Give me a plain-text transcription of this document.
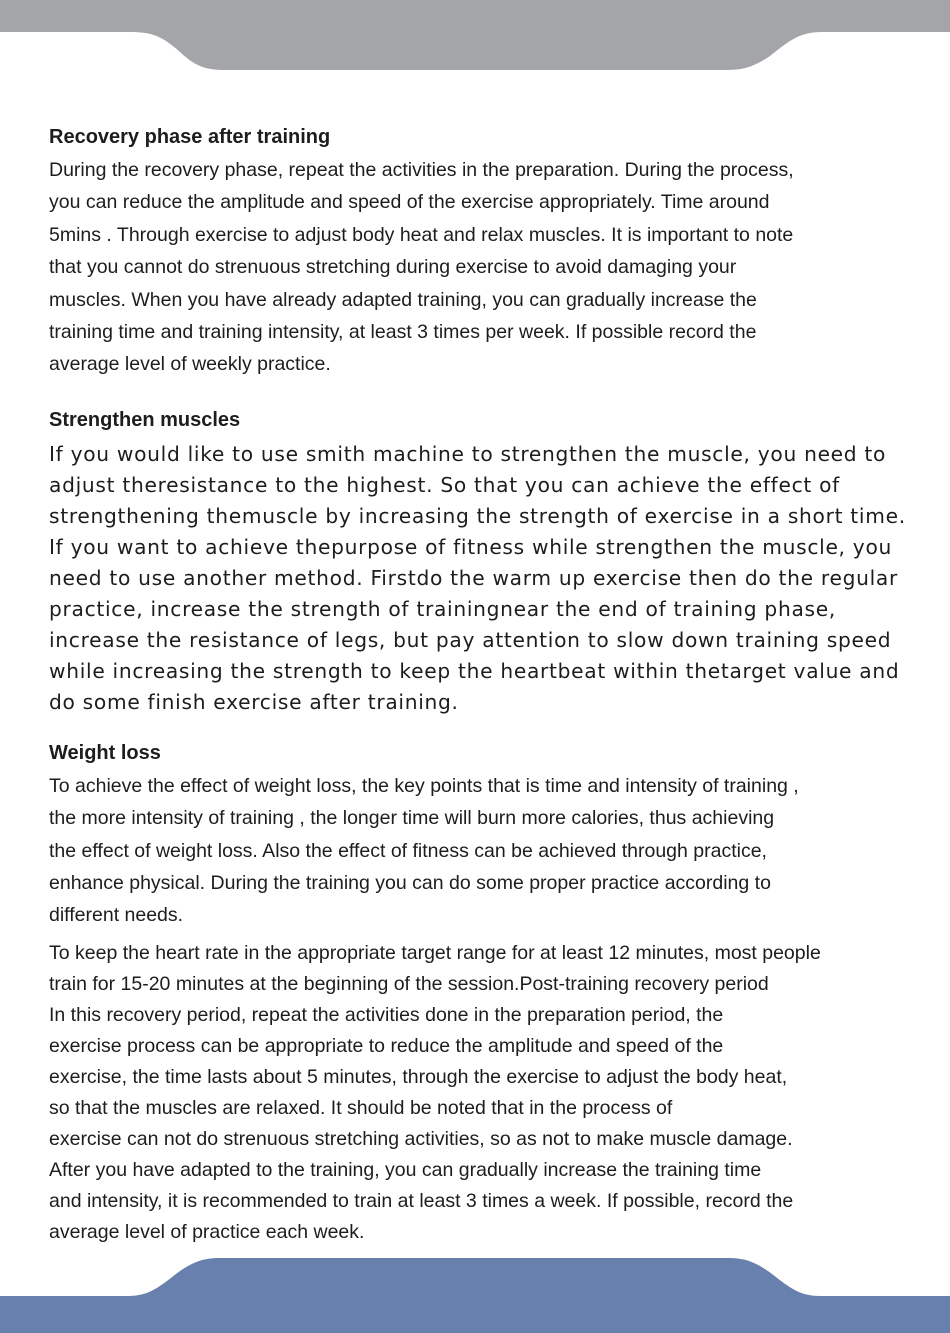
Recovery phase after training
During the recovery phase, repeat the activities in the preparation. During the process,
you can reduce the amplitude and speed of the exercise appropriately. Time around
5mins . Through exercise to adjust body heat and relax muscles. It is important to note
that you cannot do strenuous stretching during exercise to avoid damaging your
muscles. When you have already adapted training, you can gradually increase the
training time and training intensity, at least 3 times per week. If possible record the
average level of weekly practice.
Strengthen muscles
If you would like to use smith machine to strengthen the muscle, you need to
adjust theresistance to the highest. So that you can achieve the effect of
strengthening themuscle by increasing the strength of exercise in a short time.
If you want to achieve thepurpose of fitness while strengthen the muscle, you
need to use another method. Firstdo the warm up exercise then do the regular
practice, increase the strength of trainingnear the end of training phase,
increase the resistance of legs, but pay attention to slow down training speed
while increasing the strength to keep the heartbeat within thetarget value and
do some finish exercise after training.
Weight loss
To achieve the effect of weight loss, the key points that is time and intensity of training ,
the more intensity of training , the longer time will burn more calories, thus achieving
the effect of weight loss. Also the effect of fitness can be achieved through practice,
enhance physical. During the training you can do some proper practice according to
different needs.
To keep the heart rate in the appropriate target range for at least 12 minutes, most people
train for 15-20 minutes at the beginning of the session.Post-training recovery period
In this recovery period, repeat the activities done in the preparation period, the
exercise process can be appropriate to reduce the amplitude and speed of the
exercise, the time lasts about 5 minutes, through the exercise to adjust the body heat,
so that the muscles are relaxed. It should be noted that in the process of
exercise can not do strenuous stretching activities, so as not to make muscle damage.
After you have adapted to the training, you can gradually increase the training time
and intensity, it is recommended to train at least 3 times a week. If possible, record the
average level of practice each week.
